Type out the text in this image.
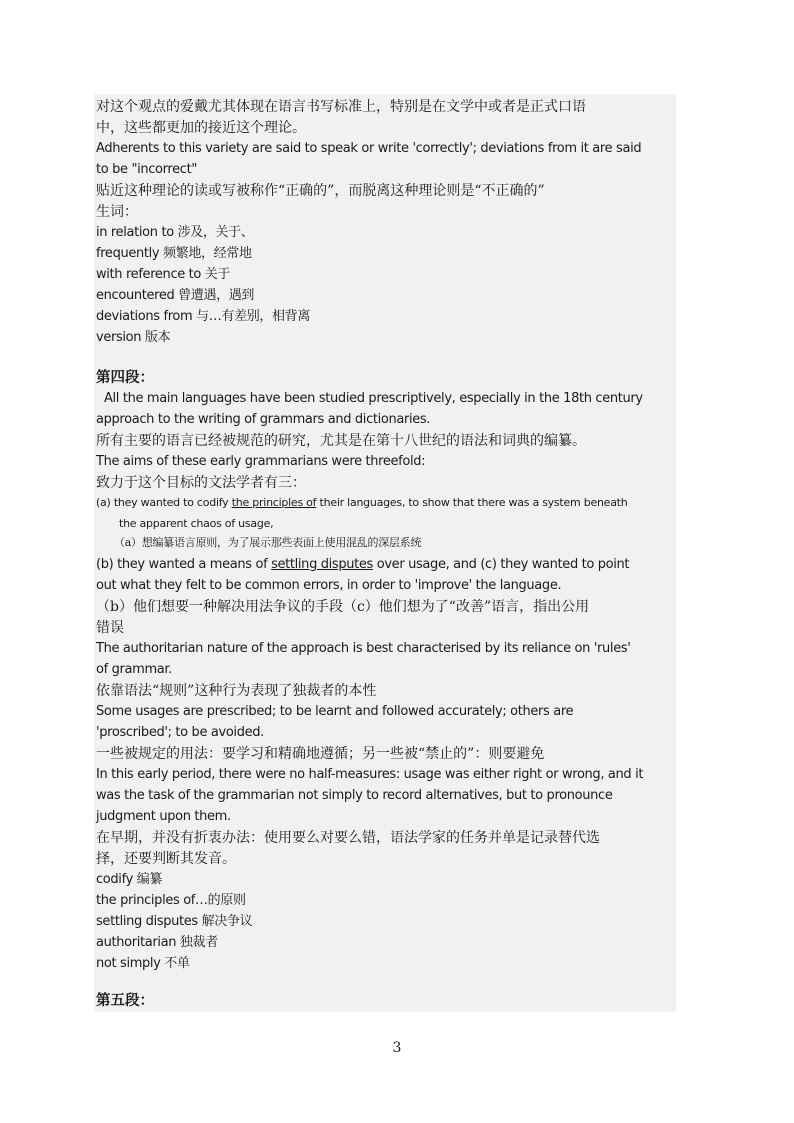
对这个观点的爱戴尤其体现在语言书写标准上，特别是在文学中或者是正式口语
中，这些都更加的接近这个理论。
Adherents to this variety are said to speak or write 'correctly'; deviations from it are said
to be "incorrect"
贴近这种理论的读或写被称作“正确的”，而脱离这种理论则是“不正确的”
生词：
in relation to 涉及，关于、
frequently 频繁地，经常地
with reference to 关于
encountered 曾遭遇，遇到
deviations from 与…有差别，相背离
version 版本
第四段：
All the main languages have been studied prescriptively, especially in the 18th century
approach to the writing of grammars and dictionaries.
所有主要的语言已经被规范的研究，尤其是在第十八世纪的语法和词典的编纂。
The aims of these early grammarians were threefold:
致力于这个目标的文法学者有三：
(a) they wanted to codify the principles of their languages, to show that there was a system beneath
the apparent chaos of usage,
（a）想编纂语言原则，为了展示那些表面上使用混乱的深层系统
(b) they wanted a means of settling disputes over usage, and (c) they wanted to point
out what they felt to be common errors, in order to 'improve' the language.
（b）他们想要一种解决用法争议的手段（c）他们想为了“改善”语言，指出公用
错误
The authoritarian nature of the approach is best characterised by its reliance on 'rules'
of grammar.
依靠语法“规则”这种行为表现了独裁者的本性
Some usages are prescribed; to be learnt and followed accurately; others are
'proscribed'; to be avoided.
一些被规定的用法：要学习和精确地遵循；另一些被“禁止的”：则要避免
In this early period, there were no half-measures: usage was either right or wrong, and it
was the task of the grammarian not simply to record alternatives, but to pronounce
judgment upon them.
在早期，并没有折衷办法：使用要么对要么错，语法学家的任务并单是记录替代选
择，还要判断其发音。
codify 编纂
the principles of…的原则
settling disputes 解决争议
authoritarian 独裁者
not simply 不单
第五段：
3
